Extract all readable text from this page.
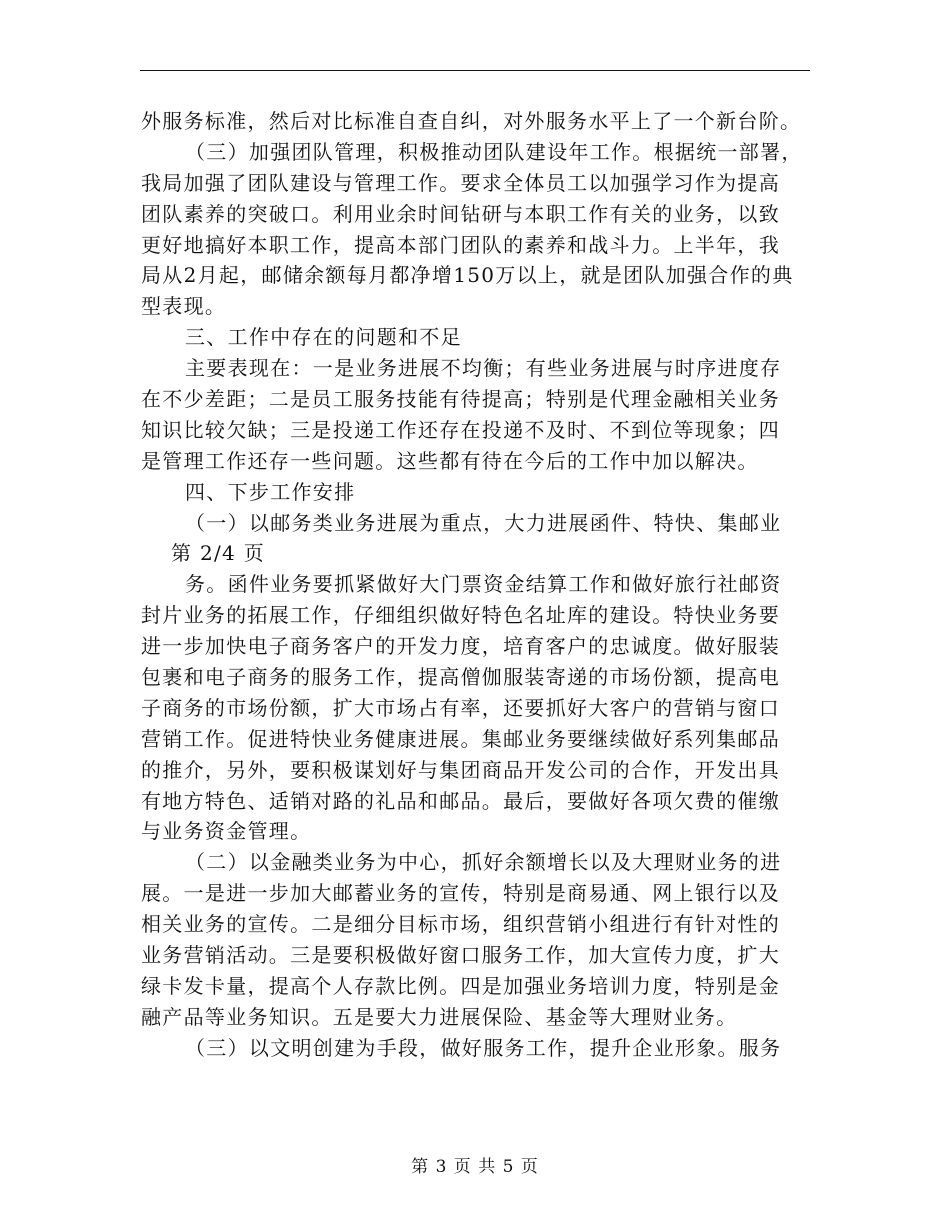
外服务标准，然后对比标准自查自纠，对外服务水平上了一个新台阶。
（三）加强团队管理，积极推动团队建设年工作。根据统一部署，
我局加强了团队建设与管理工作。要求全体员工以加强学习作为提高
团队素养的突破口。利用业余时间钻研与本职工作有关的业务，以致
更好地搞好本职工作，提高本部门团队的素养和战斗力。上半年，我
局从2月起，邮储余额每月都净增150万以上，就是团队加强合作的典
型表现。
三、工作中存在的问题和不足
主要表现在：一是业务进展不均衡；有些业务进展与时序进度存
在不少差距；二是员工服务技能有待提高；特别是代理金融相关业务
知识比较欠缺；三是投递工作还存在投递不及时、不到位等现象；四
是管理工作还存一些问题。这些都有待在今后的工作中加以解决。
四、下步工作安排
（一）以邮务类业务进展为重点，大力进展函件、特快、集邮业
第 2/4 页
务。函件业务要抓紧做好大门票资金结算工作和做好旅行社邮资
封片业务的拓展工作，仔细组织做好特色名址库的建设。特快业务要
进一步加快电子商务客户的开发力度，培育客户的忠诚度。做好服装
包裹和电子商务的服务工作，提高僧伽服装寄递的市场份额，提高电
子商务的市场份额，扩大市场占有率，还要抓好大客户的营销与窗口
营销工作。促进特快业务健康进展。集邮业务要继续做好系列集邮品
的推介，另外，要积极谋划好与集团商品开发公司的合作，开发出具
有地方特色、适销对路的礼品和邮品。最后，要做好各项欠费的催缴
与业务资金管理。
（二）以金融类业务为中心，抓好余额增长以及大理财业务的进
展。一是进一步加大邮蓄业务的宣传，特别是商易通、网上银行以及
相关业务的宣传。二是细分目标市场，组织营销小组进行有针对性的
业务营销活动。三是要积极做好窗口服务工作，加大宣传力度，扩大
绿卡发卡量，提高个人存款比例。四是加强业务培训力度，特别是金
融产品等业务知识。五是要大力进展保险、基金等大理财业务。
（三）以文明创建为手段，做好服务工作，提升企业形象。服务
第 3 页 共 5 页
